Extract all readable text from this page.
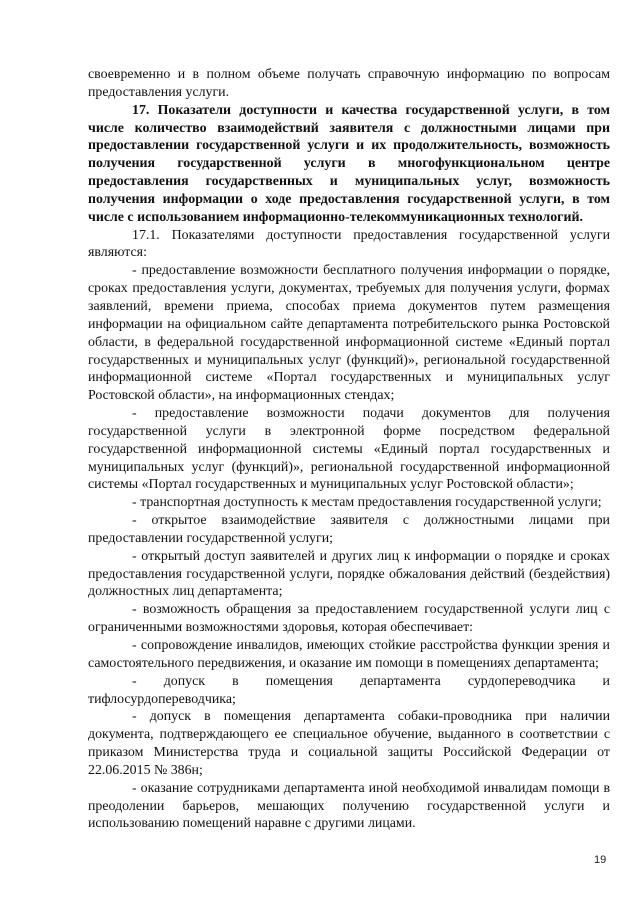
своевременно и в полном объеме получать справочную информацию по вопросам предоставления услуги.

17. Показатели доступности и качества государственной услуги, в том числе количество взаимодействий заявителя с должностными лицами при предоставлении государственной услуги и их продолжительность, возможность получения государственной услуги в многофункциональном центре предоставления государственных и муниципальных услуг, возможность получения информации о ходе предоставления государственной услуги, в том числе с использованием информационно-телекоммуникационных технологий.

17.1. Показателями доступности предоставления государственной услуги являются:

- предоставление возможности бесплатного получения информации о порядке, сроках предоставления услуги, документах, требуемых для получения услуги, формах заявлений, времени приема, способах приема документов путем размещения информации на официальном сайте департамента потребительского рынка Ростовской области, в федеральной государственной информационной системе «Единый портал государственных и муниципальных услуг (функций)», региональной государственной информационной системе «Портал государственных и муниципальных услуг Ростовской области», на информационных стендах;

- предоставление возможности подачи документов для получения государственной услуги в электронной форме посредством федеральной государственной информационной системы «Единый портал государственных и муниципальных услуг (функций)», региональной государственной информационной системы «Портал государственных и муниципальных услуг Ростовской области»;

- транспортная доступность к местам предоставления государственной услуги;

- открытое взаимодействие заявителя с должностными лицами при предоставлении государственной услуги;

- открытый доступ заявителей и других лиц к информации о порядке и сроках предоставления государственной услуги, порядке обжалования действий (бездействия) должностных лиц департамента;

- возможность обращения за предоставлением государственной услуги лиц с ограниченными возможностями здоровья, которая обеспечивает:

- сопровождение инвалидов, имеющих стойкие расстройства функции зрения и самостоятельного передвижения, и оказание им помощи в помещениях департамента;

- допуск в помещения департамента сурдопереводчика и тифлосурдопереводчика;

- допуск в помещения департамента собаки-проводника при наличии документа, подтверждающего ее специальное обучение, выданного в соответствии с приказом Министерства труда и социальной защиты Российской Федерации от 22.06.2015 № 386н;

- оказание сотрудниками департамента иной необходимой инвалидам помощи в преодолении барьеров, мешающих получению государственной услуги и использованию помещений наравне с другими лицами.

19
